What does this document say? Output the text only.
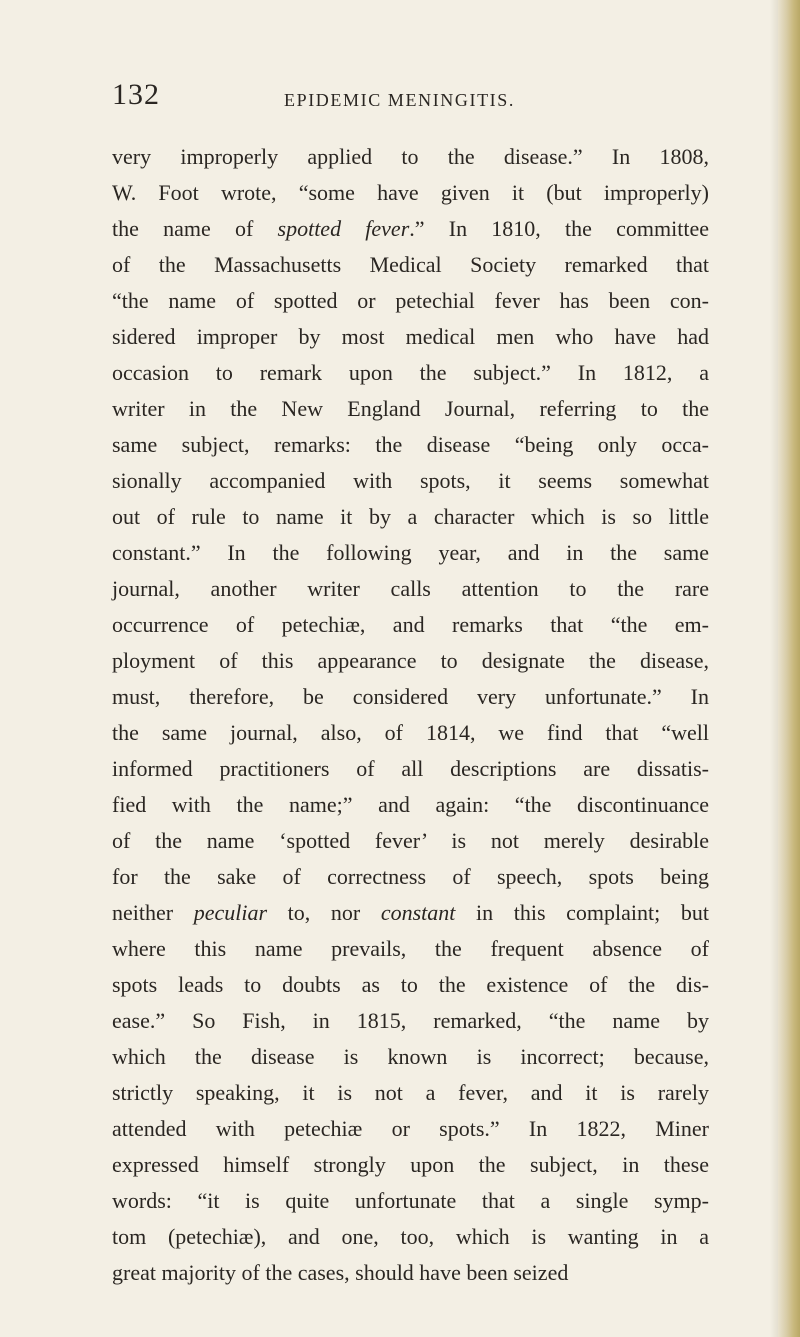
132	EPIDEMIC MENINGITIS.
very improperly applied to the disease.” In 1808,
W. Foot wrote, “some have given it (but improperly)
the name of spotted fever.” In 1810, the committee
of the Massachusetts Medical Society remarked that
“the name of spotted or petechial fever has been con-
sidered improper by most medical men who have had
occasion to remark upon the subject.” In 1812, a
writer in the New England Journal, referring to the
same subject, remarks: the disease “being only occa-
sionally accompanied with spots, it seems somewhat
out of rule to name it by a character which is so little
constant.” In the following year, and in the same
journal, another writer calls attention to the rare
occurrence of petechiæ, and remarks that “the em-
ployment of this appearance to designate the disease,
must, therefore, be considered very unfortunate.” In
the same journal, also, of 1814, we find that “well
informed practitioners of all descriptions are dissatis-
fied with the name;” and again: “the discontinuance
of the name ‘spotted fever’ is not merely desirable
for the sake of correctness of speech, spots being
neither peculiar to, nor constant in this complaint; but
where this name prevails, the frequent absence of
spots leads to doubts as to the existence of the dis-
ease.” So Fish, in 1815, remarked, “the name by
which the disease is known is incorrect; because,
strictly speaking, it is not a fever, and it is rarely
attended with petechiæ or spots.” In 1822, Miner
expressed himself strongly upon the subject, in these
words: “it is quite unfortunate that a single symp-
tom (petechiæ), and one, too, which is wanting in a
great majority of the cases, should have been seized
